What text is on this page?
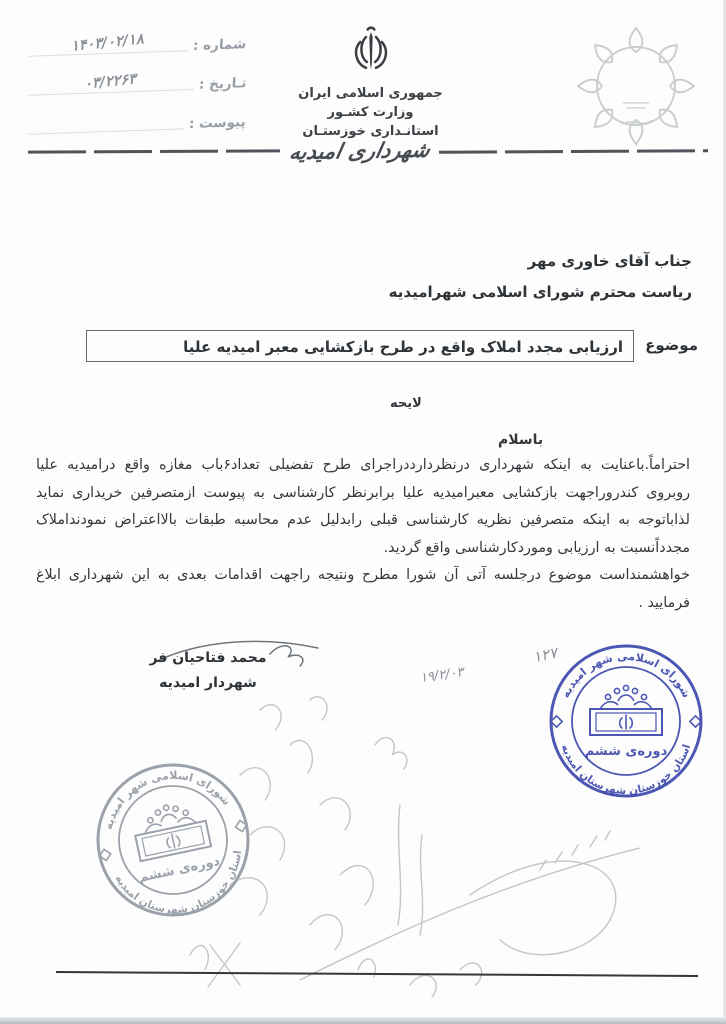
شماره :
۱۴۰۳/۰۲/۱۸
تـاریخ :
۰۳/۲۲۶۳
پیوست :
جمهوری اسلامی ایران
وزارت کشـور
استانـداری خوزستـان
شهرداری امیدیه
جناب آقای خاوری مهر
ریاست محترم شورای اسلامی شهرامیدیه
موضوع
ارزیابی مجدد املاک واقع در طرح بازکشایی معبر امیدیه علیا
لایحه
باسلام
احتراماً.باعنایت به اینکه شهرداری درنظردارددراجرای طرح تفضیلی تعداد۶باب مغازه واقع درامیدیه علیا
روبروی کندروراجهت بازکشایی معبرامیدیه علیا برابرنظر کارشناسی به پیوست ازمتصرفین خریداری نماید
لذاباتوجه به اینکه متصرفین نظریه کارشناسی قبلی رابدلیل عدم محاسبه طبقات بالااعتراض نمودنداملاک
مجدداًنسبت به ارزیابی وموردکارشناسی واقع گردید.
خواهشمنداست موضوع درجلسه آتی آن شورا مطرح ونتیجه راجهت اقدامات بعدی به این شهرداری ابلاغ
فرمایید .
محمد فتاحیان فر
شهردار امیدیه
۱۲۷
۱۹/۲/۰۳
شورای اسلامی شهر امیدیه
استان خوزستان شهرستان امیدیه
دوره‌ی ششم
شورای اسلامی شهر امیدیه
استان خوزستان شهرستان امیدیه
دوره‌ی ششم
